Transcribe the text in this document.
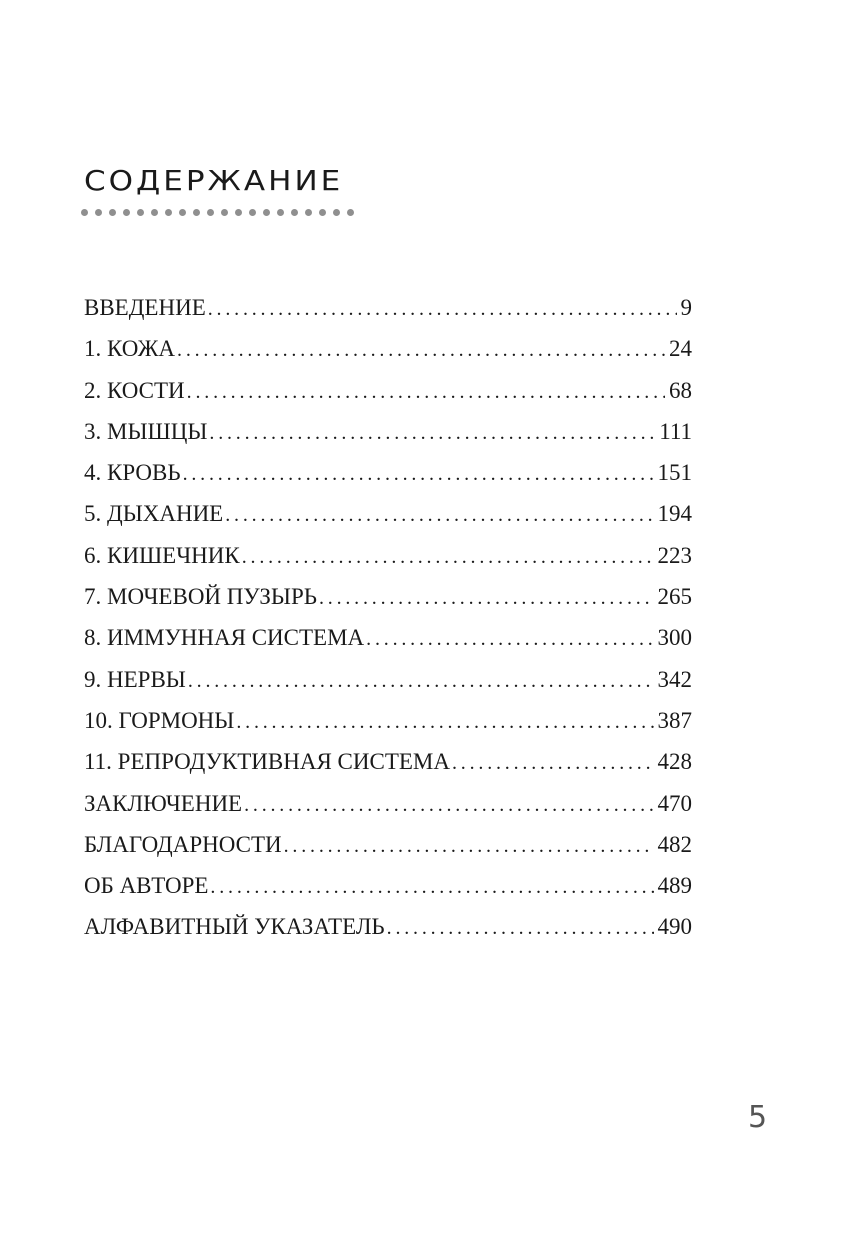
содержание
ВВЕДЕНИЕ . . .	9
1. КОЖА . . .	24
2. КОСТИ . . .	68
3. МЫШЦЫ . . .	111
4. КРОВЬ . . .	151
5. ДЫХАНИЕ . . .	194
6. КИШЕЧНИК . . .	223
7. МОЧЕВОЙ ПУЗЫРЬ . . .	265
8. ИММУННАЯ СИСТЕМА . . .	300
9. НЕРВЫ . . .	342
10. ГОРМОНЫ . . .	387
11. РЕПРОДУКТИВНАЯ СИСТЕМА . . .	428
ЗАКЛЮЧЕНИЕ . . .	470
БЛАГОДАРНОСТИ . . .	482
ОБ АВТОРЕ . . .	489
АЛФАВИТНЫЙ УКАЗАТЕЛЬ . . .	490
5
